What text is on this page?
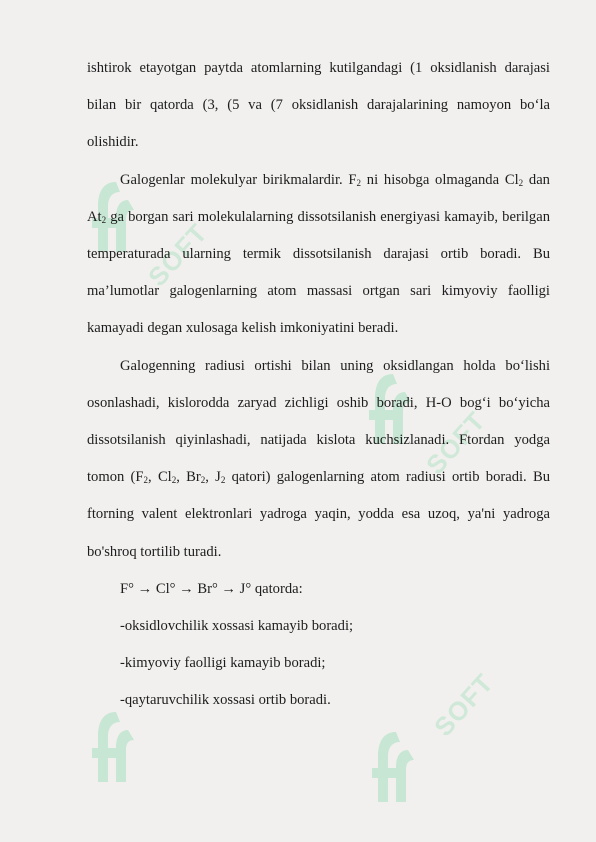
SOFT
SOFT
SOFT

ishtirok etayotgan paytda atomlarning kutilgandagi (1 oksidlanish darajasi bilan bir qatorda (3, (5 va (7 oksidlanish darajalarining namoyon bo‘la olishidir.

Galogenlar molekulyar birikmalardir. $F_2$ ni hisobga olmaganda $Cl_2$ dan $At_2$ ga borgan sari molekulalarning dissotsilanish energiyasi kamayib, berilgan temperaturada ularning termik dissotsilanish darajasi ortib boradi. Bu ma’lumotlar galogenlarning atom massasi ortgan sari kimyoviy faolligi kamayadi degan xulosaga kelish imkoniyatini beradi.

Galogenning radiusi ortishi bilan uning oksidlangan holda bo‘lishi osonlashadi, kislorodda zaryad zichligi oshib boradi, H-O bog‘i bo‘yicha dissotsilanish qiyinlashadi, natijada kislota kuchsizlanadi. Ftordan yodga tomon ($F_2$, $Cl_2$, $Br_2$, $J_2$ qatori) galogenlarning atom radiusi ortib boradi. Bu ftorning valent elektronlari yadroga yaqin, yodda esa uzoq, ya'ni yadroga bo'shroq tortilib turadi.

F° → Cl° → Br° → J° qatorda:

-oksidlovchilik xossasi kamayib boradi;

-kimyoviy faolligi kamayib boradi;

-qaytaruvchilik xossasi ortib boradi.
